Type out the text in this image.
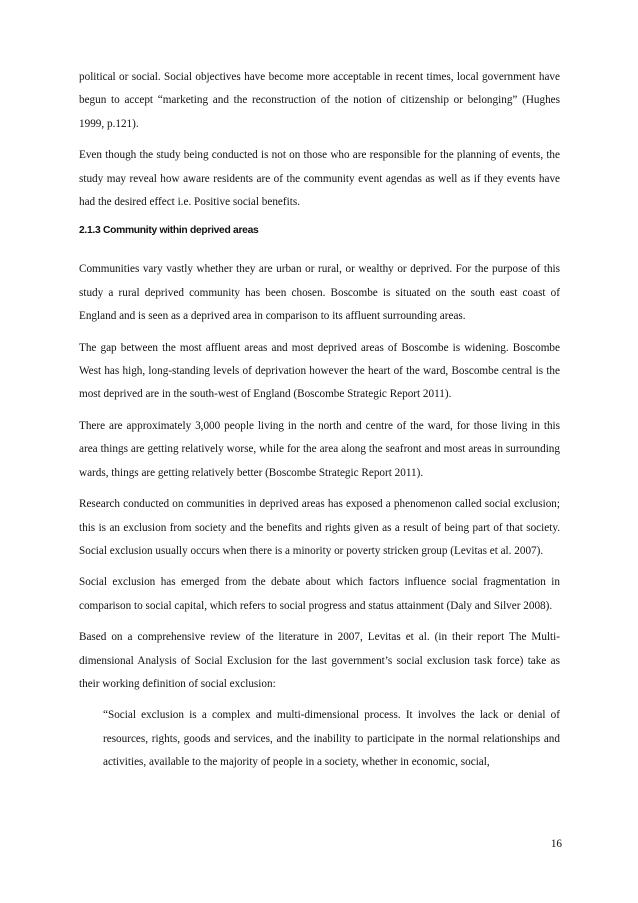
political or social. Social objectives have become more acceptable in recent times, local government have begun to accept “marketing and the reconstruction of the notion of citizenship or belonging” (Hughes 1999, p.121).

Even though the study being conducted is not on those who are responsible for the planning of events, the study may reveal how aware residents are of the community event agendas as well as if they events have had the desired effect i.e. Positive social benefits.

2.1.3 Community within deprived areas

Communities vary vastly whether they are urban or rural, or wealthy or deprived. For the purpose of this study a rural deprived community has been chosen. Boscombe is situated on the south east coast of England and is seen as a deprived area in comparison to its affluent surrounding areas.

The gap between the most affluent areas and most deprived areas of Boscombe is widening. Boscombe West has high, long-standing levels of deprivation however the heart of the ward, Boscombe central is the most deprived are in the south-west of England (Boscombe Strategic Report 2011).

There are approximately 3,000 people living in the north and centre of the ward, for those living in this area things are getting relatively worse, while for the area along the seafront and most areas in surrounding wards, things are getting relatively better (Boscombe Strategic Report 2011).

Research conducted on communities in deprived areas has exposed a phenomenon called social exclusion; this is an exclusion from society and the benefits and rights given as a result of being part of that society. Social exclusion usually occurs when there is a minority or poverty stricken group (Levitas et al. 2007).

Social exclusion has emerged from the debate about which factors influence social fragmentation in comparison to social capital, which refers to social progress and status attainment (Daly and Silver 2008).

Based on a comprehensive review of the literature in 2007, Levitas et al. (in their report The Multi-dimensional Analysis of Social Exclusion for the last government’s social exclusion task force) take as their working definition of social exclusion:

“Social exclusion is a complex and multi-dimensional process. It involves the lack or denial of resources, rights, goods and services, and the inability to participate in the normal relationships and activities, available to the majority of people in a society, whether in economic, social,

16
